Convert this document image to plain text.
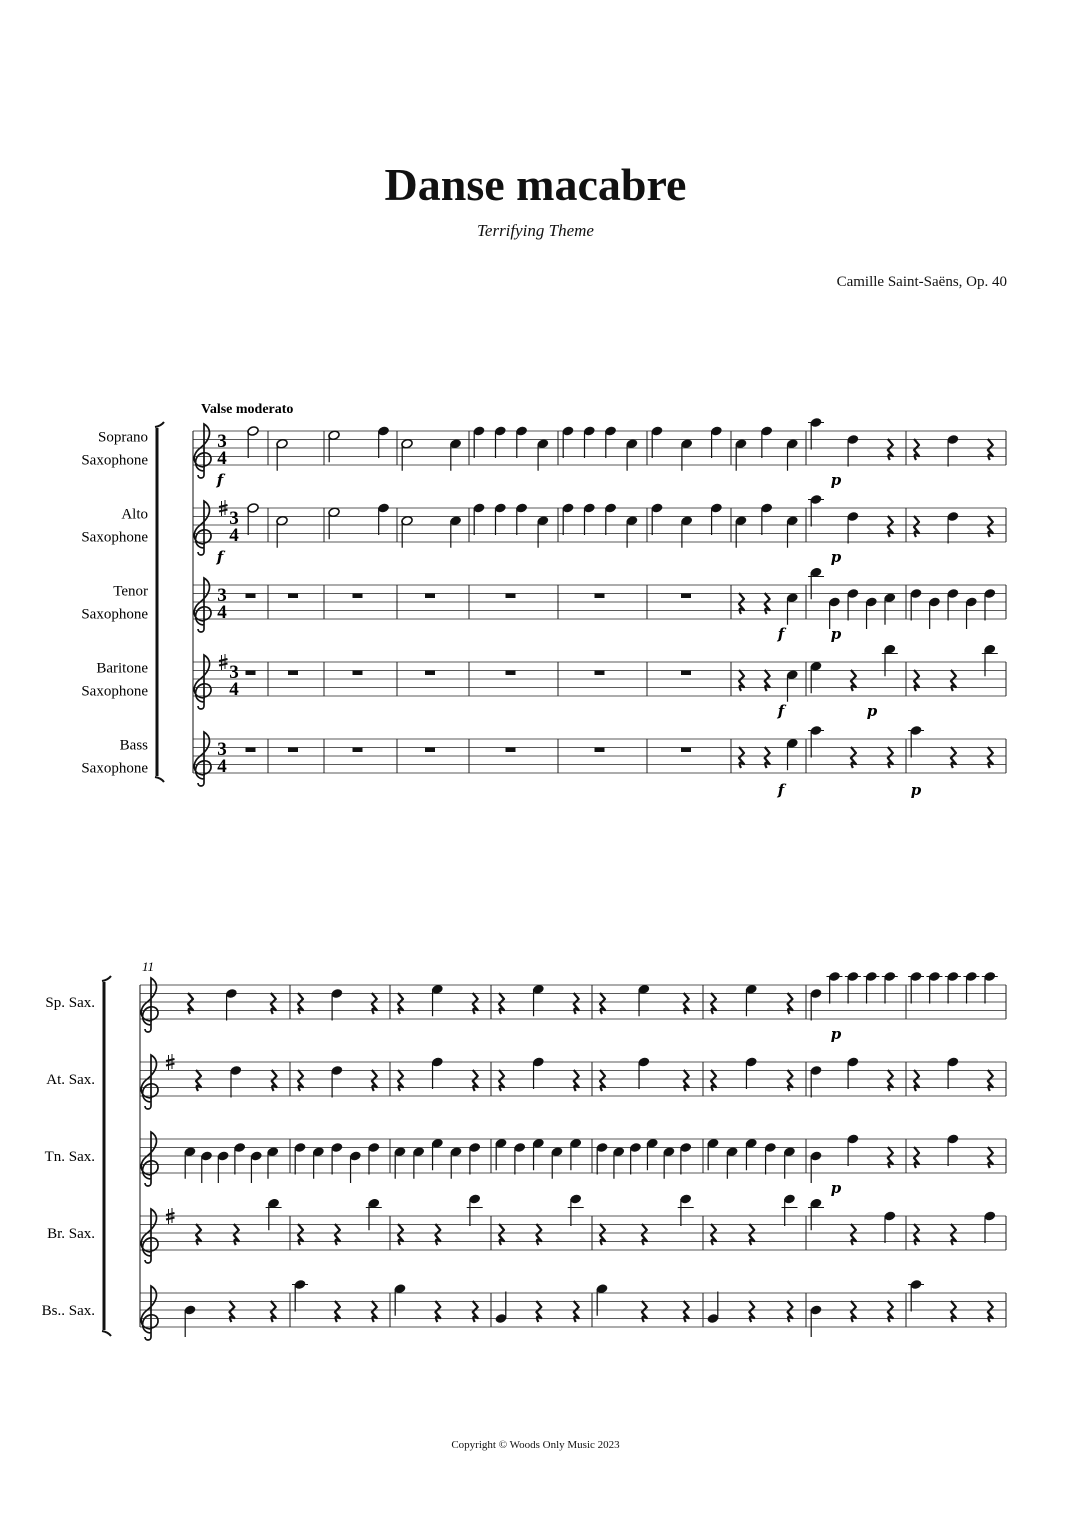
Danse macabre
Terrifying Theme
Camille Saint-Saëns, Op. 40
Valse moderato
Soprano
Saxophone
3
4
f	p
Alto
Saxophone
3
4
f	p
Tenor
Saxophone
3
4
f	p
Baritone
Saxophone
3
4
f	p
Bass
Saxophone
3
4
f	p
11
Sp. Sax.
p
At. Sax.
Tn. Sax.
p
Br. Sax.
Bs.. Sax.
Copyright © Woods Only Music 2023
